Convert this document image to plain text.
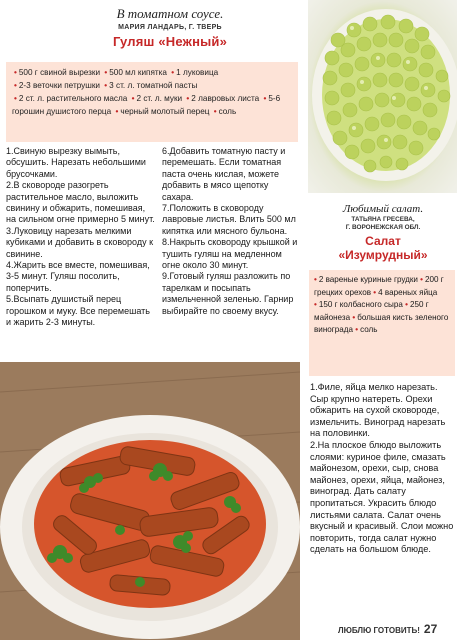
В томатном соусе.
МАРИЯ ЛАНДАРЬ, Г. ТВЕРЬ
Гуляш «Нежный»
• 500 г свиной вырезки • 500 мл кипятка • 1 луковица
• 2-3 веточки петрушки • 3 ст. л. томатной пасты
• 2 ст. л. растительного масла • 2 ст. л. муки • 2 лавровых листа • 5-6 горошин душистого перца • черный молотый перец • соль

1.Свиную вырезку вымыть, обсушить. Нарезать небольшими брусочками.

2.В сковороде разогреть растительное масло, выложить свинину и обжарить, помешивая, на сильном огне примерно 5 минут.

3.Луковицу нарезать мелкими кубиками и добавить в сковороду к свинине.

4.Жарить все вместе, помешивая, 3-5 минут. Гуляш посолить, поперчить.

5.Всыпать душистый перец горошком и муку. Все перемешать и жарить 2-3 минуты.

6.Добавить томатную пасту и перемешать. Если томатная паста очень кислая, можете добавить в мясо щепотку сахара.

7.Положить в сковороду лавровые листья. Влить 500 мл кипятка или мясного бульона.

8.Накрыть сковороду крышкой и тушить гуляш на медленном огне около 30 минут.

9.Готовый гуляш разложить по тарелкам и посыпать измельченной зеленью. Гарнир выбирайте по своему вкусу.

Любимый салат.
ТАТЬЯНА ГРЕСЕВА,
Г. ВОРОНЕЖСКАЯ ОБЛ.
Салат
«Изумрудный»
• 2 вареные куриные грудки • 200 г грецких орехов • 4 вареных яйца • 150 г колбасного сыра • 250 г майонеза • большая кисть зеленого винограда • соль

1.Филе, яйца мелко нарезать. Сыр крупно натереть. Орехи обжарить на сухой сковороде, измельчить. Виноград нарезать на половинки.

2.На плоское блюдо выложить слоями: куриное филе, смазать майонезом, орехи, сыр, снова майонез, орехи, яйца, майонез, виноград. Дать салату пропитаться. Украсить блюдо листьями салата. Салат очень вкусный и красивый. Слои можно повторить, тогда салат нужно сделать на большом блюде.

ЛЮБЛЮ ГОТОВИТЬ! 27
